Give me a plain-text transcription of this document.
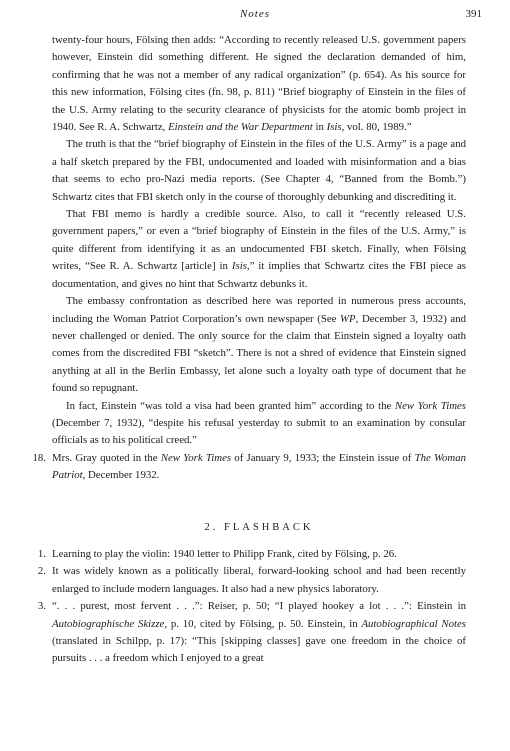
Notes	391

twenty-four hours, Fölsing then adds: “According to recently released U.S. government papers however, Einstein did something different. He signed the declaration demanded of him, confirming that he was not a member of any radical organization” (p. 654). As his source for this new information, Fölsing cites (fn. 98, p. 811) “Brief biography of Einstein in the files of the U.S. Army relating to the security clearance of physicists for the atomic bomb project in 1940. See R. A. Schwartz, Einstein and the War Department in Isis, vol. 80, 1989.”

The truth is that the “brief biography of Einstein in the files of the U.S. Army” is a page and a half sketch prepared by the FBI, undocumented and loaded with misinformation and a bias that seems to echo pro-Nazi media reports. (See Chapter 4, “Banned from the Bomb.”) Schwartz cites that FBI sketch only in the course of thoroughly debunking and discrediting it.

That FBI memo is hardly a credible source. Also, to call it “recently released U.S. government papers,” or even a “brief biography of Einstein in the files of the U.S. Army,” is quite different from identifying it as an undocumented FBI sketch. Finally, when Fölsing writes, “See R. A. Schwartz [article] in Isis,” it implies that Schwartz cites the FBI piece as documentation, and gives no hint that Schwartz debunks it.

The embassy confrontation as described here was reported in numerous press accounts, including the Woman Patriot Corporation’s own newspaper (See WP, December 3, 1932) and never challenged or denied. The only source for the claim that Einstein signed a loyalty oath comes from the discredited FBI “sketch”. There is not a shred of evidence that Einstein signed anything at all in the Berlin Embassy, let alone such a loyalty oath type of document that he found so repugnant.

In fact, Einstein “was told a visa had been granted him” according to the New York Times (December 7, 1932), “despite his refusal yesterday to submit to an examination by consular officials as to his political creed.”

18. Mrs. Gray quoted in the New York Times of January 9, 1933; the Einstein issue of The Woman Patriot, December 1932.

2. FLASHBACK

1. Learning to play the violin: 1940 letter to Philipp Frank, cited by Fölsing, p. 26.

2. It was widely known as a politically liberal, forward-looking school and had been recently enlarged to include modern languages. It also had a new physics laboratory.

3. “. . . purest, most fervent . . .”: Reiser, p. 50; “I played hookey a lot . . .”: Einstein in Autobiographische Skizze, p. 10, cited by Fölsing, p. 50. Einstein, in Autobiographical Notes (translated in Schilpp, p. 17): “This [skipping classes] gave one freedom in the choice of pursuits . . . a freedom which I enjoyed to a great
